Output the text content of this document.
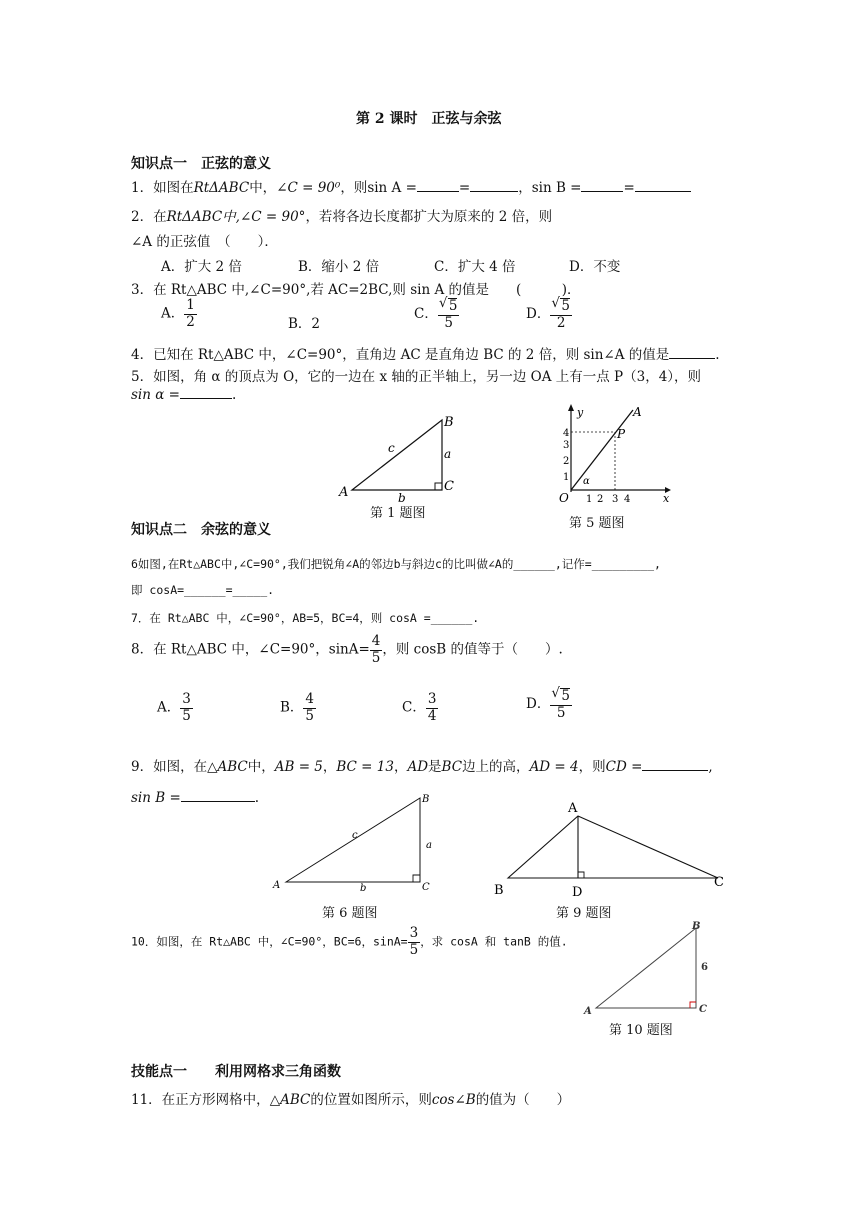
第 2 课时　正弦与余弦
知识点一　正弦的意义
1．如图在RtΔABC中，∠C = 90⁰，则sin A =	=	，sin B =	=
2．在RtΔABC中,∠C = 90°，若将各边长度都扩大为原来的 2 倍，则
∠A 的正弦值　（　　）．
A．扩大 2 倍	B．缩小 2 倍	C．扩大 4 倍	D．不变
3．在 Rt△ABC 中,∠C=90°,若 AC=2BC,则 sin A 的值是　　(　　　)．
A． $\frac{1}{2}$	B．2
C． √ $\frac{5}{5}$	D． √ $\frac{5}{2}$
4．已知在 Rt△ABC 中，∠C=90°，直角边 AC 是直角边 BC 的 2 倍，则 sin∠A 的值是	.
5．如图，角 α 的顶点为 O，它的一边在 x 轴的正半轴上，另一边 OA 上有一点 P（3，4），则
sin α =	.
A
B
C
a
b
c
第 1 题图
y
x
A
P
O
α
1 2 3 4
1
2
3
4
第 5 题图
知识点二　余弦的意义
6如图,在Rt△ABC中,∠C=90°,我们把锐角∠A的邻边b与斜边c的比叫做∠A的______,记作=_________,
即 cosA=______=_____.
7．在 Rt△ABC 中，∠C=90°，AB=5，BC=4，则 cosA =______.
8．在 Rt△ABC 中，∠C=90°，$\sin A= \frac{4}{5}$ ，则 cosB 的值等于（　　）.
A． $\frac{3}{5}$	B． $\frac{4}{5}$	C． $\frac{3}{4}$	D． √ $\frac{5}{5}$
9．如图，在△ABC中，AB = 5，BC = 13，AD是BC边上的高，AD = 4，则CD =	,
sin B =	.
A
B
C
a
b
c
第 6 题图
A
B
C
D
第 9 题图
10．如图，在 Rt△ABC 中，∠C=90°，BC=6，$\sin A= \frac{3}{5}$ ，求 cosA 和 tanB 的值.
A
B
C
6
第 10 题图
技能点一　　利用网格求三角函数
11．在正方形网格中，△ABC的位置如图所示，则cos∠B的值为（　　）
